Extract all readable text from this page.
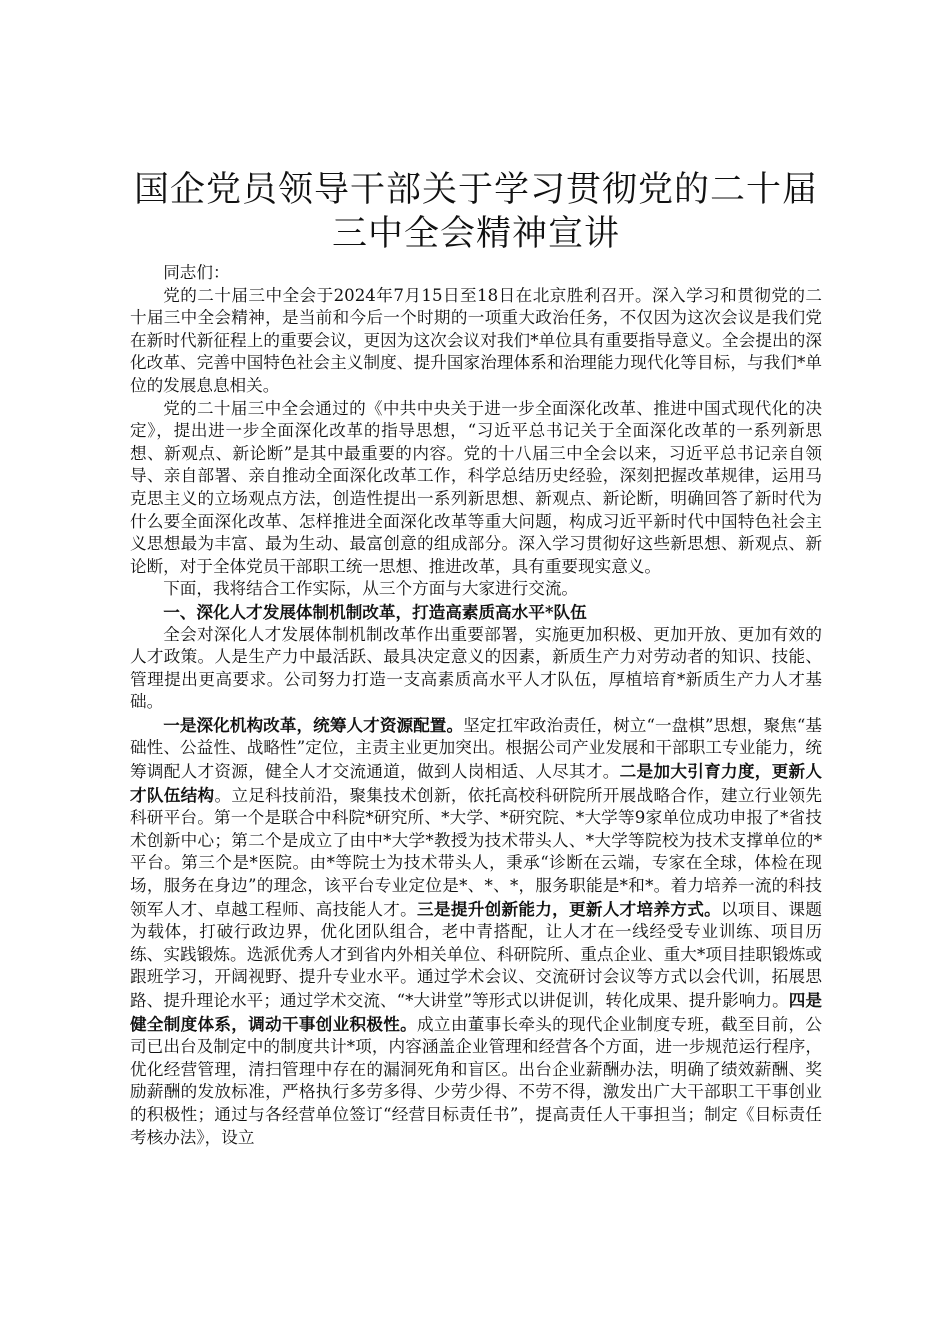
国企党员领导干部关于学习贯彻党的二十届三中全会精神宣讲

同志们：

党的二十届三中全会于2024年7月15日至18日在北京胜利召开。深入学习和贯彻党的二十届三中全会精神，是当前和今后一个时期的一项重大政治任务，不仅因为这次会议是我们党在新时代新征程上的重要会议，更因为这次会议对我们*单位具有重要指导意义。全会提出的深化改革、完善中国特色社会主义制度、提升国家治理体系和治理能力现代化等目标，与我们*单位的发展息息相关。

党的二十届三中全会通过的《中共中央关于进一步全面深化改革、推进中国式现代化的决定》，提出进一步全面深化改革的指导思想，“习近平总书记关于全面深化改革的一系列新思想、新观点、新论断”是其中最重要的内容。党的十八届三中全会以来，习近平总书记亲自领导、亲自部署、亲自推动全面深化改革工作，科学总结历史经验，深刻把握改革规律，运用马克思主义的立场观点方法，创造性提出一系列新思想、新观点、新论断，明确回答了新时代为什么要全面深化改革、怎样推进全面深化改革等重大问题，构成习近平新时代中国特色社会主义思想最为丰富、最为生动、最富创意的组成部分。深入学习贯彻好这些新思想、新观点、新论断，对于全体党员干部职工统一思想、推进改革，具有重要现实意义。

下面，我将结合工作实际，从三个方面与大家进行交流。

一、深化人才发展体制机制改革，打造高素质高水平*队伍

全会对深化人才发展体制机制改革作出重要部署，实施更加积极、更加开放、更加有效的人才政策。人是生产力中最活跃、最具决定意义的因素，新质生产力对劳动者的知识、技能、管理提出更高要求。公司努力打造一支高素质高水平人才队伍，厚植培育*新质生产力人才基础。

一是深化机构改革，统筹人才资源配置。坚定扛牢政治责任，树立“一盘棋”思想，聚焦“基础性、公益性、战略性”定位，主责主业更加突出。根据公司产业发展和干部职工专业能力，统筹调配人才资源，健全人才交流通道，做到人岗相适、人尽其才。二是加大引育力度，更新人才队伍结构。立足科技前沿，聚集技术创新，依托高校科研院所开展战略合作，建立行业领先科研平台。第一个是联合中科院*研究所、*大学、*研究院、*大学等9家单位成功申报了*省技术创新中心；第二个是成立了由中*大学*教授为技术带头人、*大学等院校为技术支撑单位的*平台。第三个是*医院。由*等院士为技术带头人，秉承“诊断在云端，专家在全球，体检在现场，服务在身边”的理念，该平台专业定位是*、*、*，服务职能是*和*。着力培养一流的科技领军人才、卓越工程师、高技能人才。三是提升创新能力，更新人才培养方式。以项目、课题为载体，打破行政边界，优化团队组合，老中青搭配，让人才在一线经受专业训练、项目历练、实践锻炼。选派优秀人才到省内外相关单位、科研院所、重点企业、重大*项目挂职锻炼或跟班学习，开阔视野、提升专业水平。通过学术会议、交流研讨会议等方式以会代训，拓展思路、提升理论水平；通过学术交流、“*大讲堂”等形式以讲促训，转化成果、提升影响力。四是健全制度体系，调动干事创业积极性。成立由董事长牵头的现代企业制度专班，截至目前，公司已出台及制定中的制度共计*项，内容涵盖企业管理和经营各个方面，进一步规范运行程序，优化经营管理，清扫管理中存在的漏洞死角和盲区。出台企业薪酬办法，明确了绩效薪酬、奖励薪酬的发放标准，严格执行多劳多得、少劳少得、不劳不得，激发出广大干部职工干事创业的积极性；通过与各经营单位签订“经营目标责任书”，提高责任人干事担当；制定《目标责任考核办法》，设立
